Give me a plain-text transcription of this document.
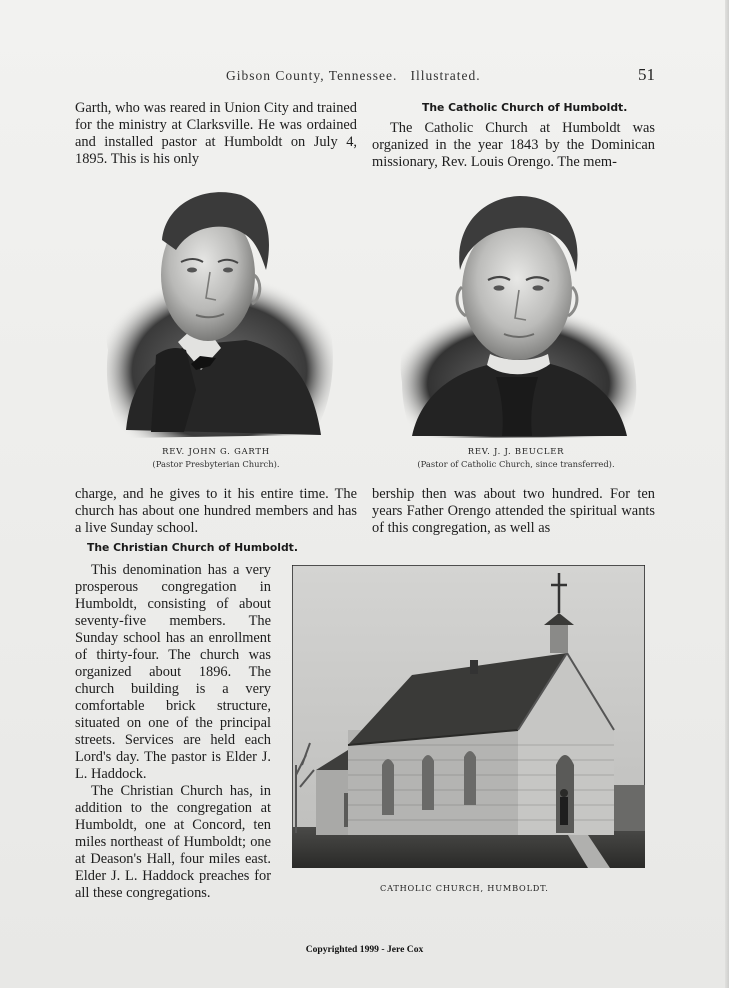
Gibson County, Tennessee.   Illustrated.	51

Garth, who was reared in Union City and trained for the ministry at Clarksville. He was ordained and installed pastor at Humboldt on July 4, 1895. This is his only

The Catholic Church of Humboldt.

The Catholic Church at Humboldt was organized in the year 1843 by the Dominican missionary, Rev. Louis Orengo. The mem-

REV. JOHN G. GARTH
(Pastor Presbyterian Church).
REV. J. J. BEUCLER
(Pastor of Catholic Church, since transferred).

charge, and he gives to it his entire time. The church has about one hundred members and has a live Sunday school.

bership then was about two hundred. For ten years Father Orengo attended the spiritual wants of this congregation, as well as

The Christian Church of Humboldt.

This denomination has a very prosperous congregation in Humboldt, consisting of about seventy-five members. The Sunday school has an enrollment of thirty-four. The church was organized about 1896. The church building is a very comfortable brick structure, situated on one of the principal streets. Services are held each Lord's day. The pastor is Elder J. L. Haddock.

The Christian Church has, in addition to the congregation at Humboldt, one at Concord, ten miles northeast of Humboldt; one at Deason's Hall, four miles east. Elder J. L. Haddock preaches for all these congregations.	CATHOLIC CHURCH, HUMBOLDT.
Copyrighted 1999 - Jere Cox
